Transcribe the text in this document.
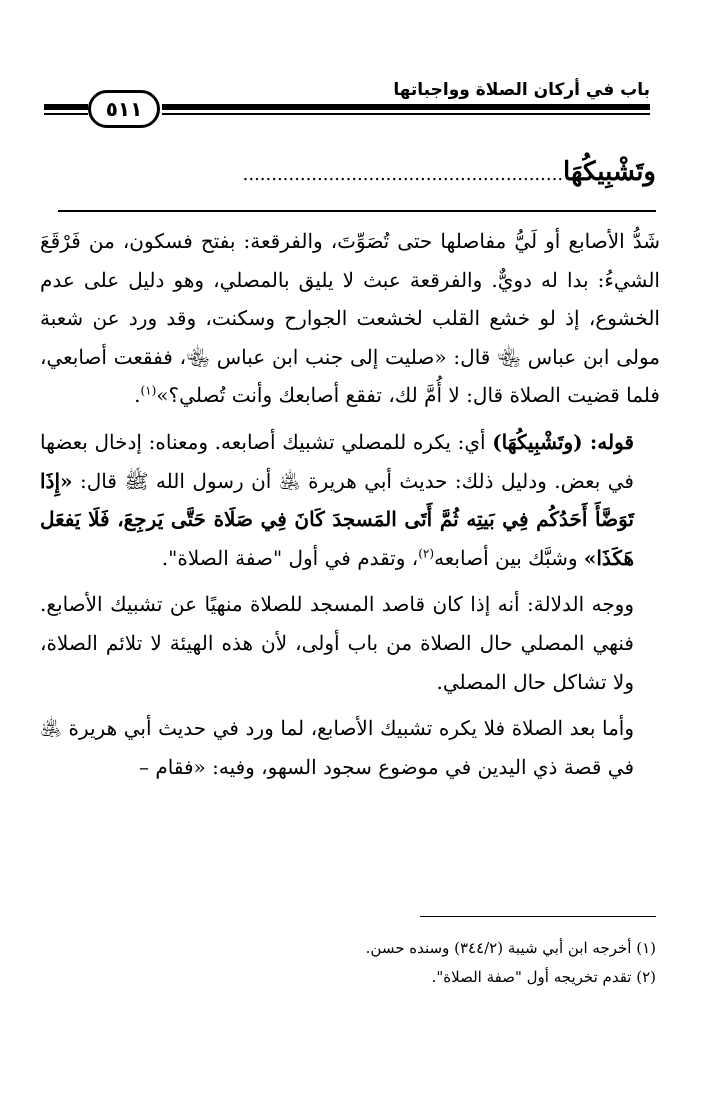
باب في أركان الصلاة وواجباتها
٥١١
وتَشْبِيكُهَا........................................................

شَدُّ الأصابع أو لَيُّ مفاصلها حتى تُصَوِّتَ، والفرقعة: بفتح فسكون، من فَرْقَعَ الشيءُ: بدا له دويٌّ. والفرقعة عبث لا يليق بالمصلي، وهو دليل على عدم الخشوع، إذ لو خشع القلب لخشعت الجوارح وسكنت، وقد ورد عن شعبة مولى ابن عباس ﵄ قال: «صليت إلى جنب ابن عباس ﵄، ففقعت أصابعي، فلما قضيت الصلاة قال: لا أُمَّ لك، تفقع أصابعك وأنت تُصلي؟»$^{(١)}$.

قوله: (وتَشْبِيكُهَا) أي: يكره للمصلي تشبيك أصابعه. ومعناه: إدخال بعضها في بعض. ودليل ذلك: حديث أبي هريرة ﵁ أن رسول الله ﷺ قال: «إِذَا تَوَضَّأَ أَحَدُكُم فِي بَيتِه ثُمَّ أَتَى المَسجدَ كَانَ فِي صَلَاة حَتَّى يَرجِعَ، فَلَا يَفعَل هَكَذَا» وشبَّك بين أصابعه$^{(٢)}$، وتقدم في أول "صفة الصلاة".

ووجه الدلالة: أنه إذا كان قاصد المسجد للصلاة منهيًا عن تشبيك الأصابع. فنهي المصلي حال الصلاة من باب أولى، لأن هذه الهيئة لا تلائم الصلاة، ولا تشاكل حال المصلي.

وأما بعد الصلاة فلا يكره تشبيك الأصابع، لما ورد في حديث أبي هريرة ﵁ في قصة ذي اليدين في موضوع سجود السهو، وفيه: «فقام –

(١) أخرجه ابن أبي شيبة (٣٤٤/٢) وسنده حسن.
(٢) تقدم تخريجه أول "صفة الصلاة".
